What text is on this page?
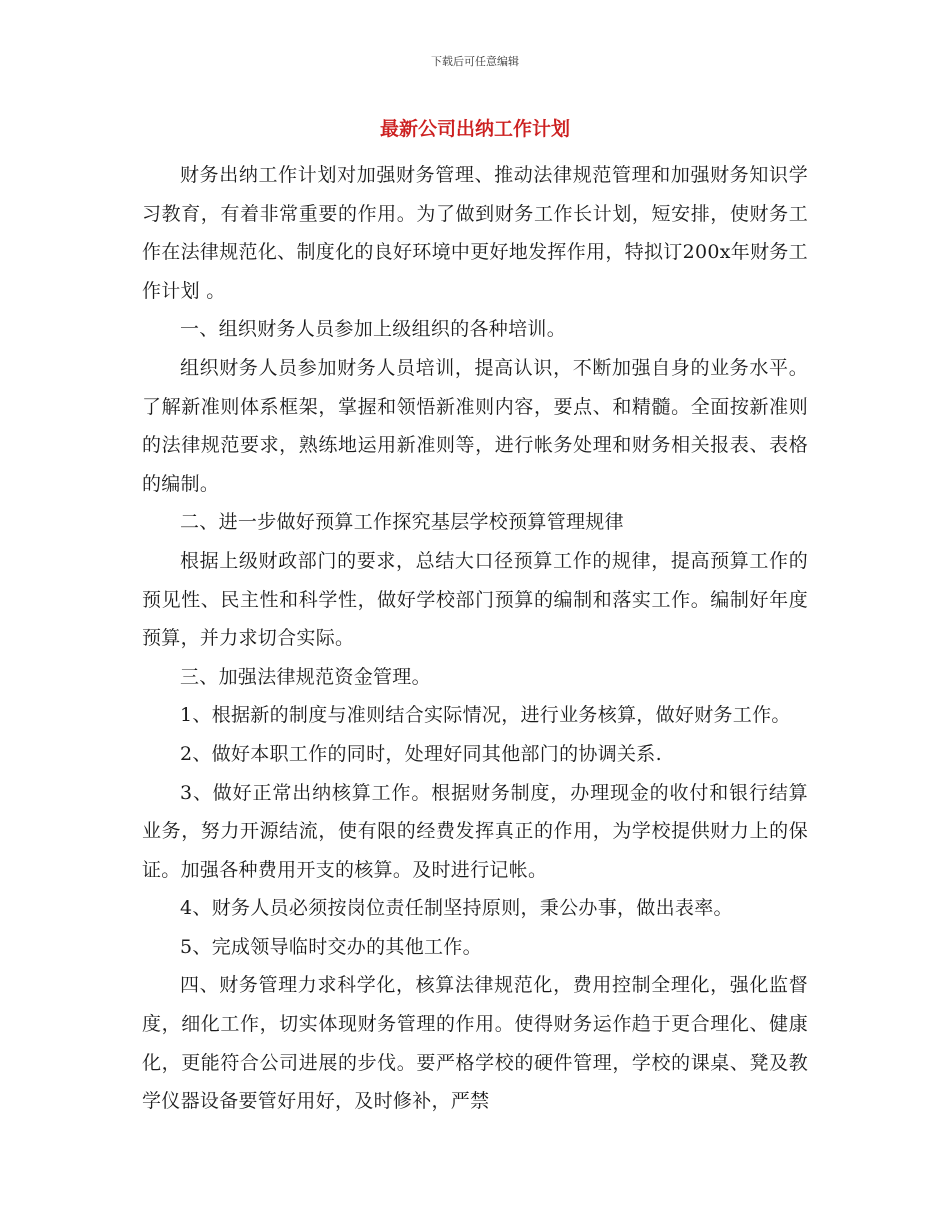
下载后可任意编辑
最新公司出纳工作计划

财务出纳工作计划对加强财务管理、推动法律规范管理和加强财务知识学习教育，有着非常重要的作用。为了做到财务工作长计划，短安排，使财务工作在法律规范化、制度化的良好环境中更好地发挥作用，特拟订200x年财务工作计划 。

一、组织财务人员参加上级组织的各种培训。

组织财务人员参加财务人员培训，提高认识，不断加强自身的业务水平。了解新准则体系框架，掌握和领悟新准则内容，要点、和精髓。全面按新准则的法律规范要求，熟练地运用新准则等，进行帐务处理和财务相关报表、表格的编制。

二、进一步做好预算工作探究基层学校预算管理规律

根据上级财政部门的要求，总结大口径预算工作的规律，提高预算工作的预见性、民主性和科学性，做好学校部门预算的编制和落实工作。编制好年度预算，并力求切合实际。

三、加强法律规范资金管理。

1、根据新的制度与准则结合实际情况，进行业务核算，做好财务工作。

2、做好本职工作的同时，处理好同其他部门的协调关系.

3、做好正常出纳核算工作。根据财务制度，办理现金的收付和银行结算业务，努力开源结流，使有限的经费发挥真正的作用，为学校提供财力上的保证。加强各种费用开支的核算。及时进行记帐。

4、财务人员必须按岗位责任制坚持原则，秉公办事，做出表率。

5、完成领导临时交办的其他工作。

四、财务管理力求科学化，核算法律规范化，费用控制全理化，强化监督度，细化工作，切实体现财务管理的作用。使得财务运作趋于更合理化、健康化，更能符合公司进展的步伐。要严格学校的硬件管理，学校的课桌、凳及教学仪器设备要管好用好，及时修补，严禁
